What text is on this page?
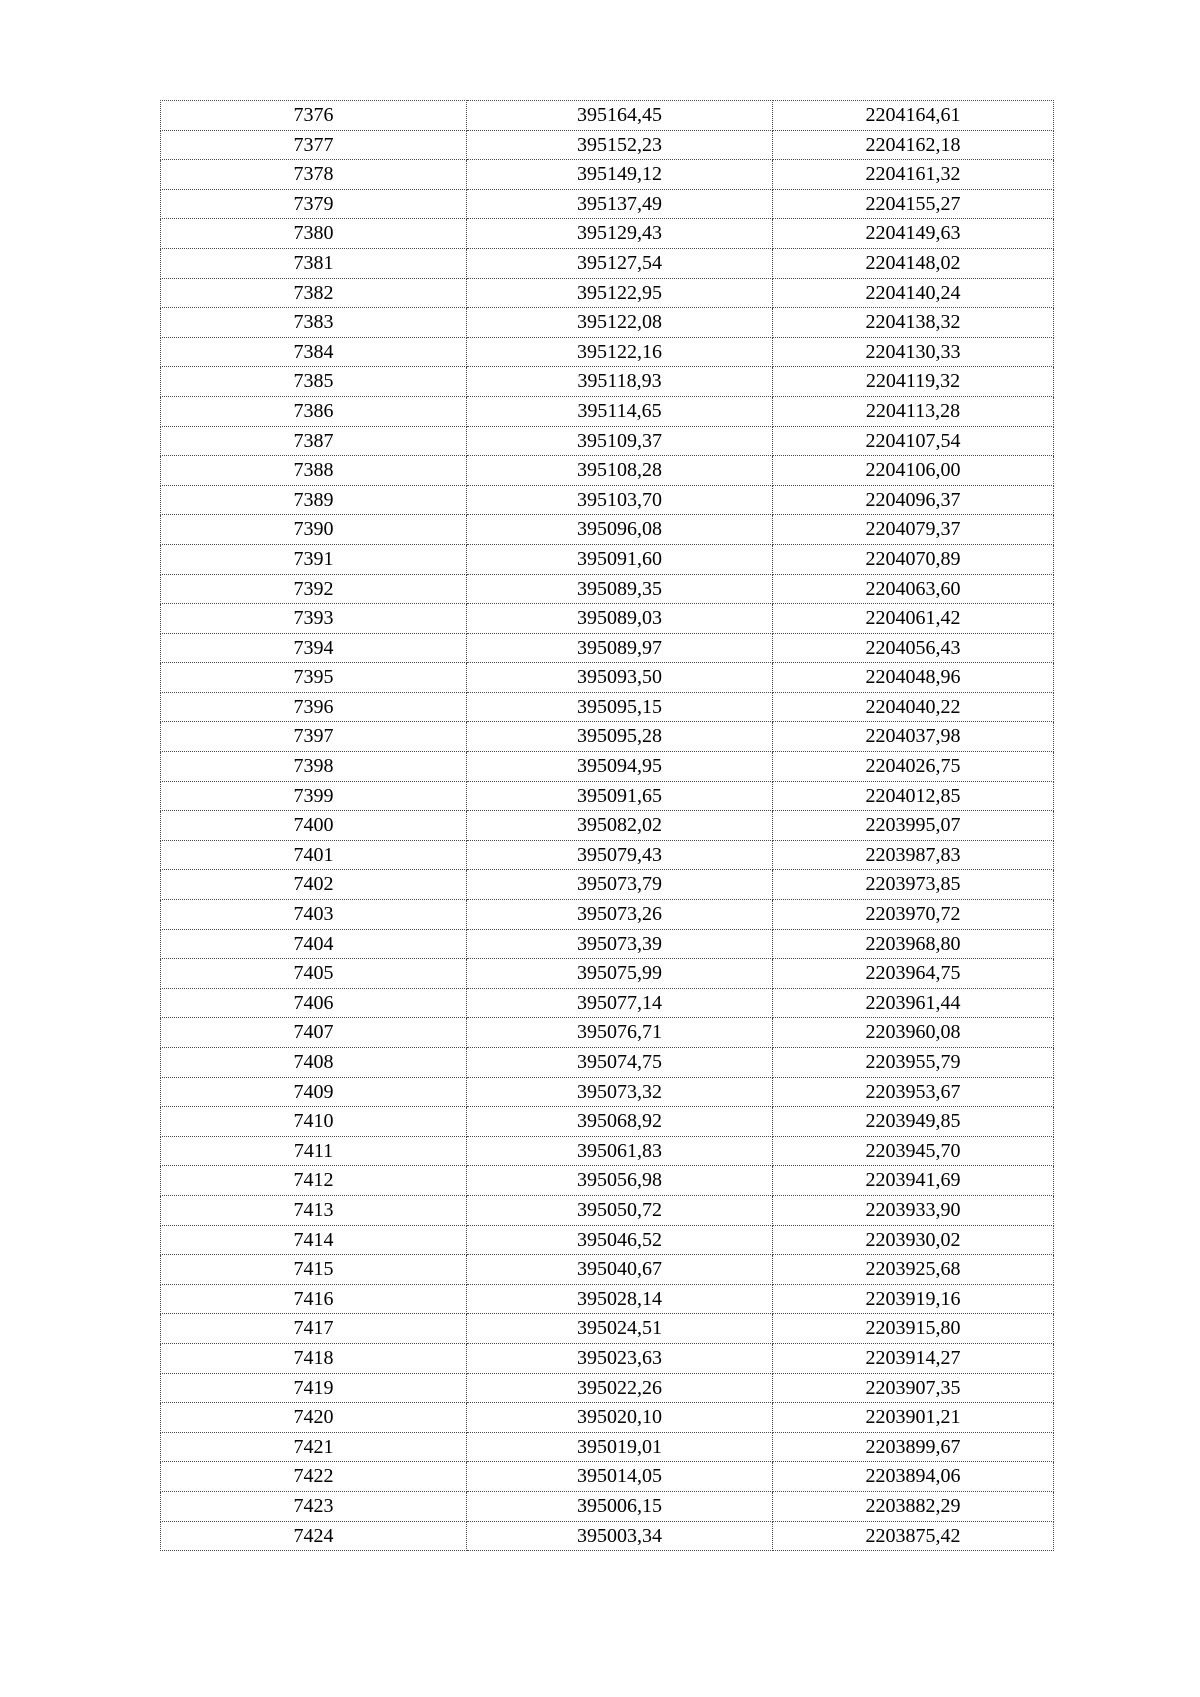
7376	395164,45	2204164,61
7377	395152,23	2204162,18
7378	395149,12	2204161,32
7379	395137,49	2204155,27
7380	395129,43	2204149,63
7381	395127,54	2204148,02
7382	395122,95	2204140,24
7383	395122,08	2204138,32
7384	395122,16	2204130,33
7385	395118,93	2204119,32
7386	395114,65	2204113,28
7387	395109,37	2204107,54
7388	395108,28	2204106,00
7389	395103,70	2204096,37
7390	395096,08	2204079,37
7391	395091,60	2204070,89
7392	395089,35	2204063,60
7393	395089,03	2204061,42
7394	395089,97	2204056,43
7395	395093,50	2204048,96
7396	395095,15	2204040,22
7397	395095,28	2204037,98
7398	395094,95	2204026,75
7399	395091,65	2204012,85
7400	395082,02	2203995,07
7401	395079,43	2203987,83
7402	395073,79	2203973,85
7403	395073,26	2203970,72
7404	395073,39	2203968,80
7405	395075,99	2203964,75
7406	395077,14	2203961,44
7407	395076,71	2203960,08
7408	395074,75	2203955,79
7409	395073,32	2203953,67
7410	395068,92	2203949,85
7411	395061,83	2203945,70
7412	395056,98	2203941,69
7413	395050,72	2203933,90
7414	395046,52	2203930,02
7415	395040,67	2203925,68
7416	395028,14	2203919,16
7417	395024,51	2203915,80
7418	395023,63	2203914,27
7419	395022,26	2203907,35
7420	395020,10	2203901,21
7421	395019,01	2203899,67
7422	395014,05	2203894,06
7423	395006,15	2203882,29
7424	395003,34	2203875,42
